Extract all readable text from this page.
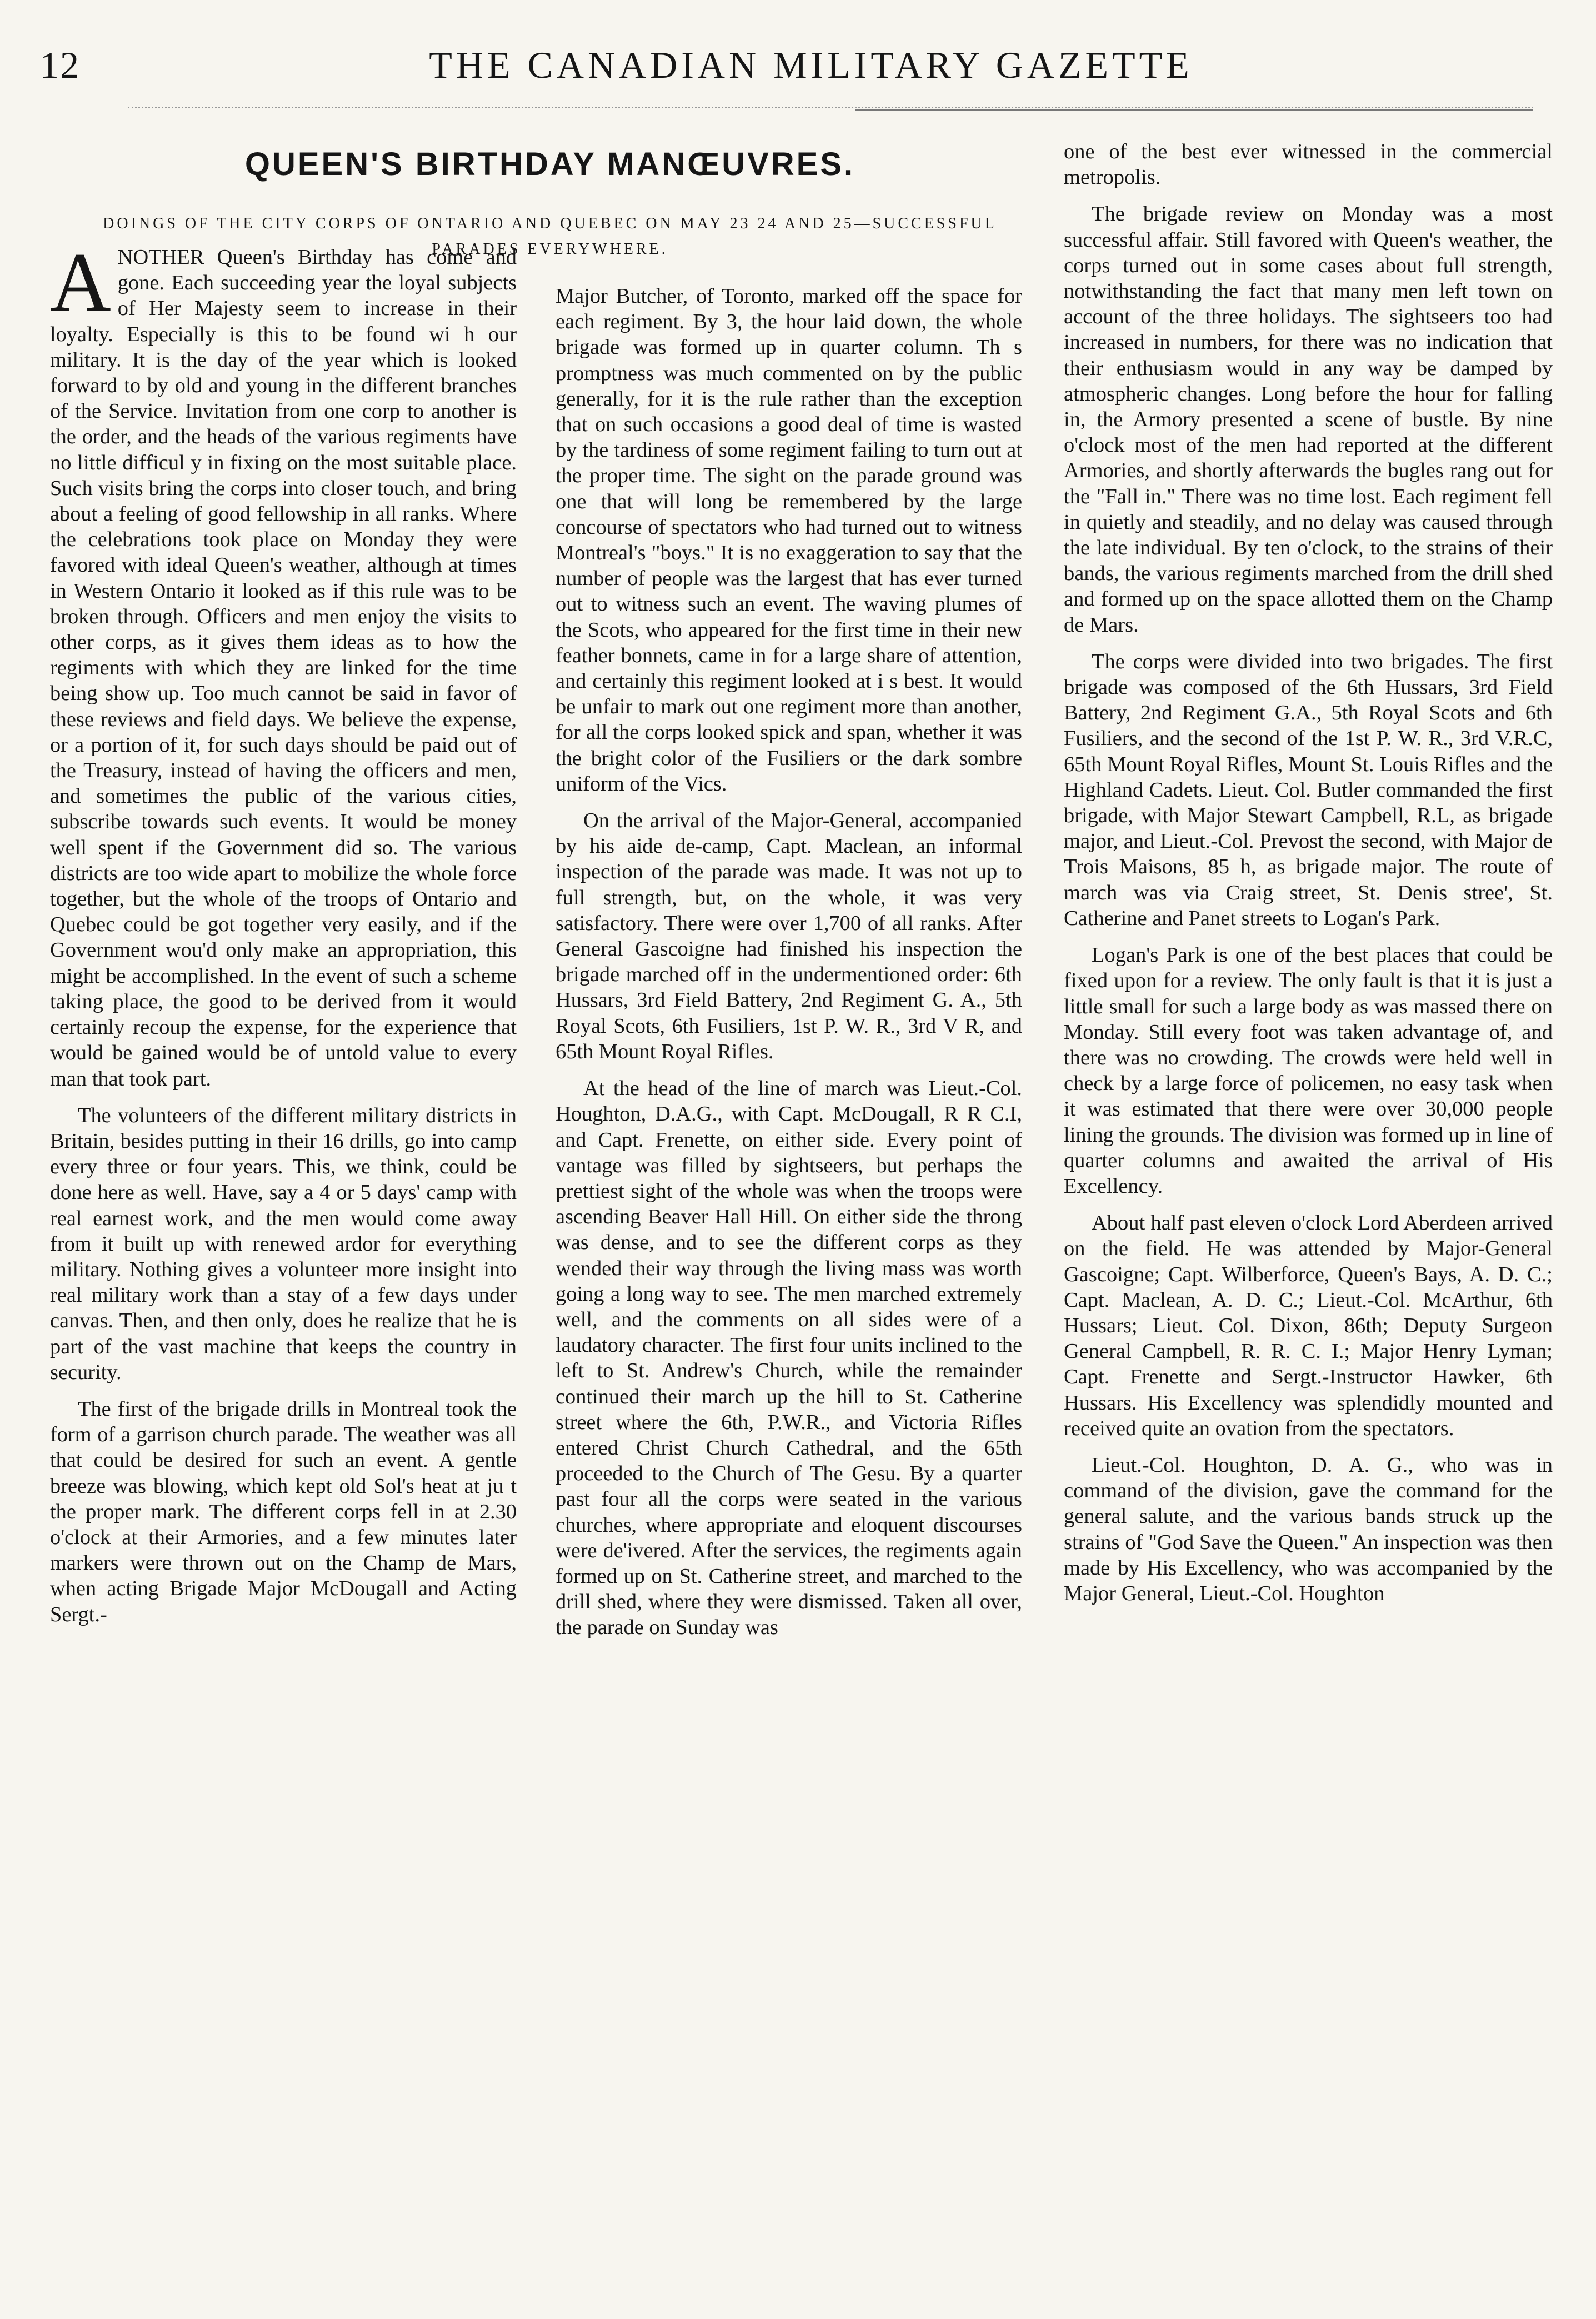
12	THE CANADIAN MILITARY GAZETTE
QUEEN'S BIRTHDAY MANŒUVRES.
DOINGS OF THE CITY CORPS OF ONTARIO AND QUEBEC ON MAY 23 24 AND 25—SUCCESSFUL PARADES EVERYWHERE.

ANOTHER Queen's Birthday has come and gone. Each succeeding year the loyal subjects of Her Majesty seem to increase in their loyalty. Especially is this to be found wi h our military. It is the day of the year which is looked forward to by old and young in the different branches of the Service. Invitation from one corp to another is the order, and the heads of the various regiments have no little difficul y in fixing on the most suitable place. Such visits bring the corps into closer touch, and bring about a feeling of good fellowship in all ranks. Where the celebrations took place on Monday they were favored with ideal Queen's weather, although at times in Western Ontario it looked as if this rule was to be broken through. Officers and men enjoy the visits to other corps, as it gives them ideas as to how the regiments with which they are linked for the time being show up. Too much cannot be said in favor of these reviews and field days. We believe the expense, or a portion of it, for such days should be paid out of the Treasury, instead of having the officers and men, and sometimes the public of the various cities, subscribe towards such events. It would be money well spent if the Government did so. The various districts are too wide apart to mobilize the whole force together, but the whole of the troops of Ontario and Quebec could be got together very easily, and if the Government wou'd only make an appropriation, this might be accomplished. In the event of such a scheme taking place, the good to be derived from it would certainly recoup the expense, for the experience that would be gained would be of untold value to every man that took part.

The volunteers of the different military districts in Britain, besides putting in their 16 drills, go into camp every three or four years. This, we think, could be done here as well. Have, say a 4 or 5 days' camp with real earnest work, and the men would come away from it built up with renewed ardor for everything military. Nothing gives a volunteer more insight into real military work than a stay of a few days under canvas. Then, and then only, does he realize that he is part of the vast machine that keeps the country in security.

The first of the brigade drills in Montreal took the form of a garrison church parade. The weather was all that could be desired for such an event. A gentle breeze was blowing, which kept old Sol's heat at ju t the proper mark. The different corps fell in at 2.30 o'clock at their Armories, and a few minutes later markers were thrown out on the Champ de Mars, when acting Brigade Major McDougall and Acting Sergt.-

Major Butcher, of Toronto, marked off the space for each regiment. By 3, the hour laid down, the whole brigade was formed up in quarter column. Th s promptness was much commented on by the public generally, for it is the rule rather than the exception that on such occasions a good deal of time is wasted by the tardiness of some regiment failing to turn out at the proper time. The sight on the parade ground was one that will long be remembered by the large concourse of spectators who had turned out to witness Montreal's "boys." It is no exaggeration to say that the number of people was the largest that has ever turned out to witness such an event. The waving plumes of the Scots, who appeared for the first time in their new feather bonnets, came in for a large share of attention, and certainly this regiment looked at i s best. It would be unfair to mark out one regiment more than another, for all the corps looked spick and span, whether it was the bright color of the Fusiliers or the dark sombre uniform of the Vics.

On the arrival of the Major-General, accompanied by his aide de-camp, Capt. Maclean, an informal inspection of the parade was made. It was not up to full strength, but, on the whole, it was very satisfactory. There were over 1,700 of all ranks. After General Gascoigne had finished his inspection the brigade marched off in the undermentioned order: 6th Hussars, 3rd Field Battery, 2nd Regiment G. A., 5th Royal Scots, 6th Fusiliers, 1st P. W. R., 3rd V R, and 65th Mount Royal Rifles.

At the head of the line of march was Lieut.-Col. Houghton, D.A.G., with Capt. McDougall, R R C.I, and Capt. Frenette, on either side. Every point of vantage was filled by sightseers, but perhaps the prettiest sight of the whole was when the troops were ascending Beaver Hall Hill. On either side the throng was dense, and to see the different corps as they wended their way through the living mass was worth going a long way to see. The men marched extremely well, and the comments on all sides were of a laudatory character. The first four units inclined to the left to St. Andrew's Church, while the remainder continued their march up the hill to St. Catherine street where the 6th, P.W.R., and Victoria Rifles entered Christ Church Cathedral, and the 65th proceeded to the Church of The Gesu. By a quarter past four all the corps were seated in the various churches, where appropriate and eloquent discourses were de'ivered. After the services, the regiments again formed up on St. Catherine street, and marched to the drill shed, where they were dismissed. Taken all over, the parade on Sunday was

one of the best ever witnessed in the commercial metropolis.

The brigade review on Monday was a most successful affair. Still favored with Queen's weather, the corps turned out in some cases about full strength, notwithstanding the fact that many men left town on account of the three holidays. The sightseers too had increased in numbers, for there was no indication that their enthusiasm would in any way be damped by atmospheric changes. Long before the hour for falling in, the Armory presented a scene of bustle. By nine o'clock most of the men had reported at the different Armories, and shortly afterwards the bugles rang out for the "Fall in." There was no time lost. Each regiment fell in quietly and steadily, and no delay was caused through the late individual. By ten o'clock, to the strains of their bands, the various regiments marched from the drill shed and formed up on the space allotted them on the Champ de Mars.

The corps were divided into two brigades. The first brigade was composed of the 6th Hussars, 3rd Field Battery, 2nd Regiment G.A., 5th Royal Scots and 6th Fusiliers, and the second of the 1st P. W. R., 3rd V.R.C, 65th Mount Royal Rifles, Mount St. Louis Rifles and the Highland Cadets. Lieut. Col. Butler commanded the first brigade, with Major Stewart Campbell, R.L, as brigade major, and Lieut.-Col. Prevost the second, with Major de Trois Maisons, 85 h, as brigade major. The route of march was via Craig street, St. Denis stree', St. Catherine and Panet streets to Logan's Park.

Logan's Park is one of the best places that could be fixed upon for a review. The only fault is that it is just a little small for such a large body as was massed there on Monday. Still every foot was taken advantage of, and there was no crowding. The crowds were held well in check by a large force of policemen, no easy task when it was estimated that there were over 30,000 people lining the grounds. The division was formed up in line of quarter columns and awaited the arrival of His Excellency.

About half past eleven o'clock Lord Aberdeen arrived on the field. He was attended by Major-General Gascoigne; Capt. Wilberforce, Queen's Bays, A. D. C.; Capt. Maclean, A. D. C.; Lieut.-Col. McArthur, 6th Hussars; Lieut. Col. Dixon, 86th; Deputy Surgeon General Campbell, R. R. C. I.; Major Henry Lyman; Capt. Frenette and Sergt.-Instructor Hawker, 6th Hussars. His Excellency was splendidly mounted and received quite an ovation from the spectators.

Lieut.-Col. Houghton, D. A. G., who was in command of the division, gave the command for the general salute, and the various bands struck up the strains of "God Save the Queen." An inspection was then made by His Excellency, who was accompanied by the Major General, Lieut.-Col. Houghton
